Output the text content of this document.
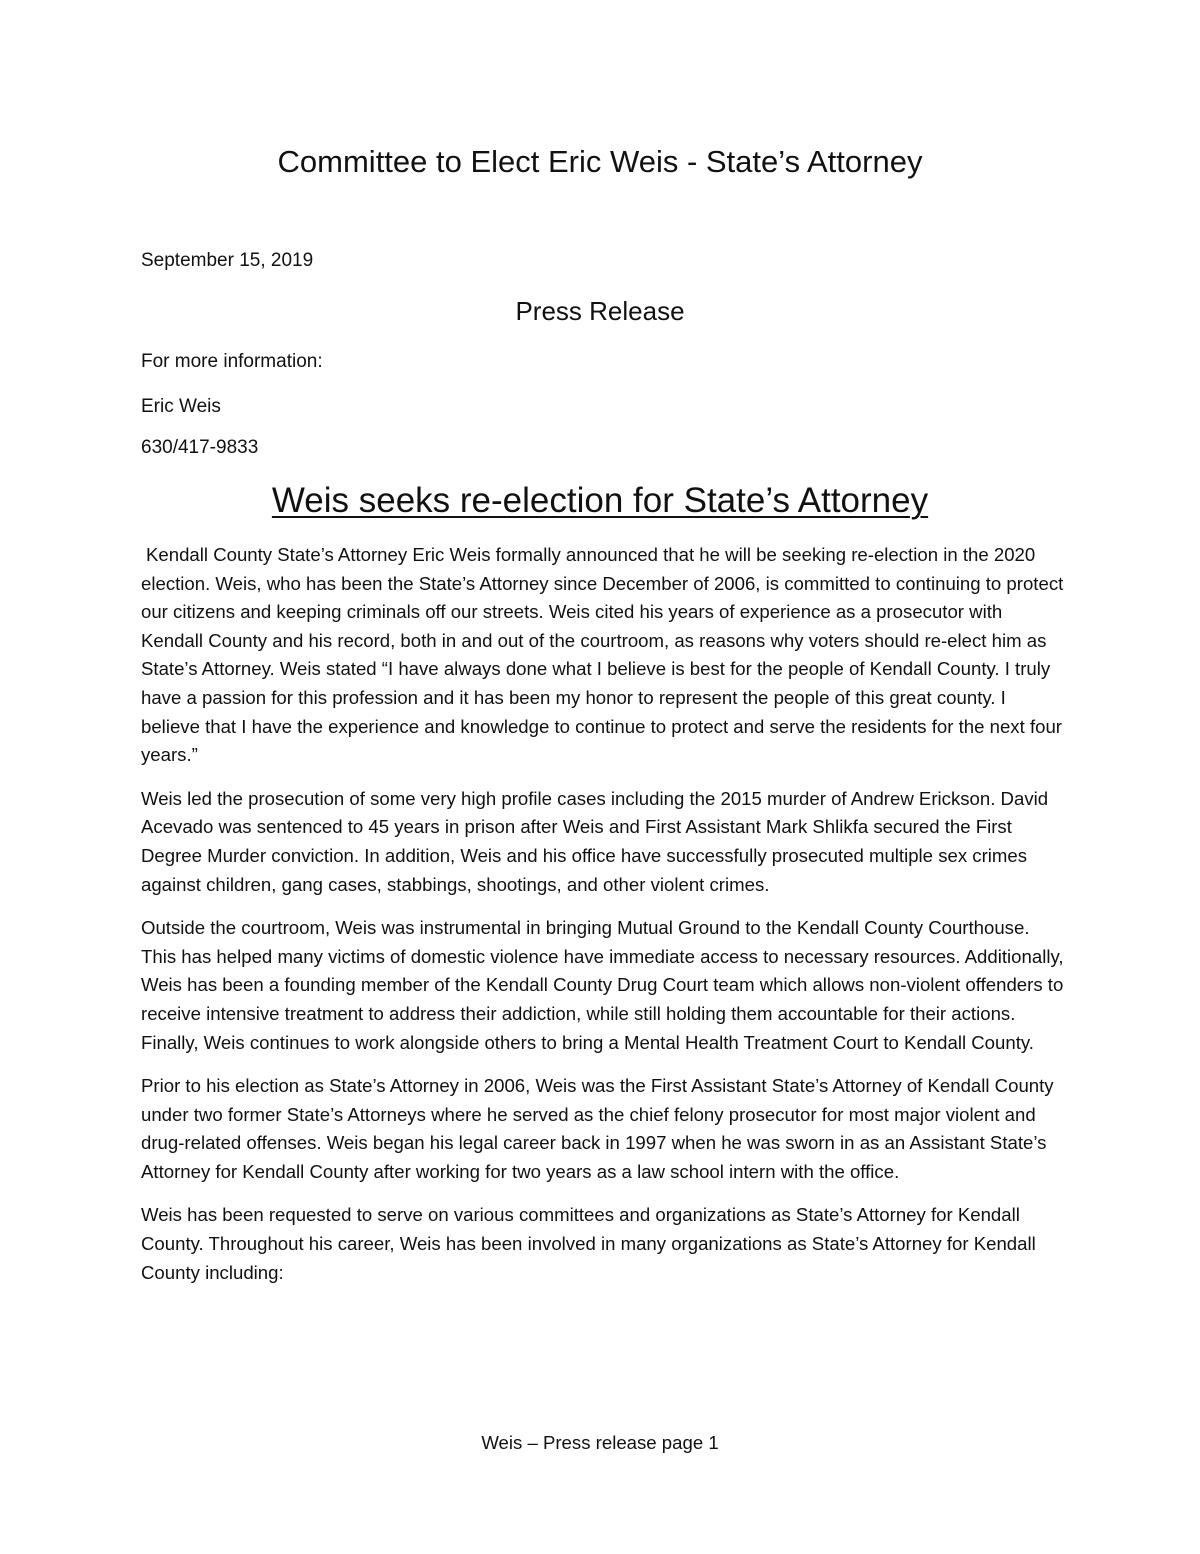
Committee to Elect Eric Weis - State’s Attorney
September 15, 2019
Press Release
For more information:
Eric Weis
630/417-9833
Weis seeks re-election for State’s Attorney

Kendall County State’s Attorney Eric Weis formally announced that he will be seeking re-election in the 2020 election. Weis, who has been the State’s Attorney since December of 2006, is committed to continuing to protect our citizens and keeping criminals off our streets. Weis cited his years of experience as a prosecutor with Kendall County and his record, both in and out of the courtroom, as reasons why voters should re-elect him as State’s Attorney. Weis stated “I have always done what I believe is best for the people of Kendall County. I truly have a passion for this profession and it has been my honor to represent the people of this great county. I believe that I have the experience and knowledge to continue to protect and serve the residents for the next four years.”

Weis led the prosecution of some very high profile cases including the 2015 murder of Andrew Erickson. David Acevado was sentenced to 45 years in prison after Weis and First Assistant Mark Shlikfa secured the First Degree Murder conviction. In addition, Weis and his office have successfully prosecuted multiple sex crimes against children, gang cases, stabbings, shootings, and other violent crimes.

Outside the courtroom, Weis was instrumental in bringing Mutual Ground to the Kendall County Courthouse. This has helped many victims of domestic violence have immediate access to necessary resources. Additionally, Weis has been a founding member of the Kendall County Drug Court team which allows non-violent offenders to receive intensive treatment to address their addiction, while still holding them accountable for their actions. Finally, Weis continues to work alongside others to bring a Mental Health Treatment Court to Kendall County.

Prior to his election as State’s Attorney in 2006, Weis was the First Assistant State’s Attorney of Kendall County under two former State’s Attorneys where he served as the chief felony prosecutor for most major violent and drug-related offenses. Weis began his legal career back in 1997 when he was sworn in as an Assistant State’s Attorney for Kendall County after working for two years as a law school intern with the office.

Weis has been requested to serve on various committees and organizations as State’s Attorney for Kendall County. Throughout his career, Weis has been involved in many organizations as State’s Attorney for Kendall County including:

Weis – Press release page 1
